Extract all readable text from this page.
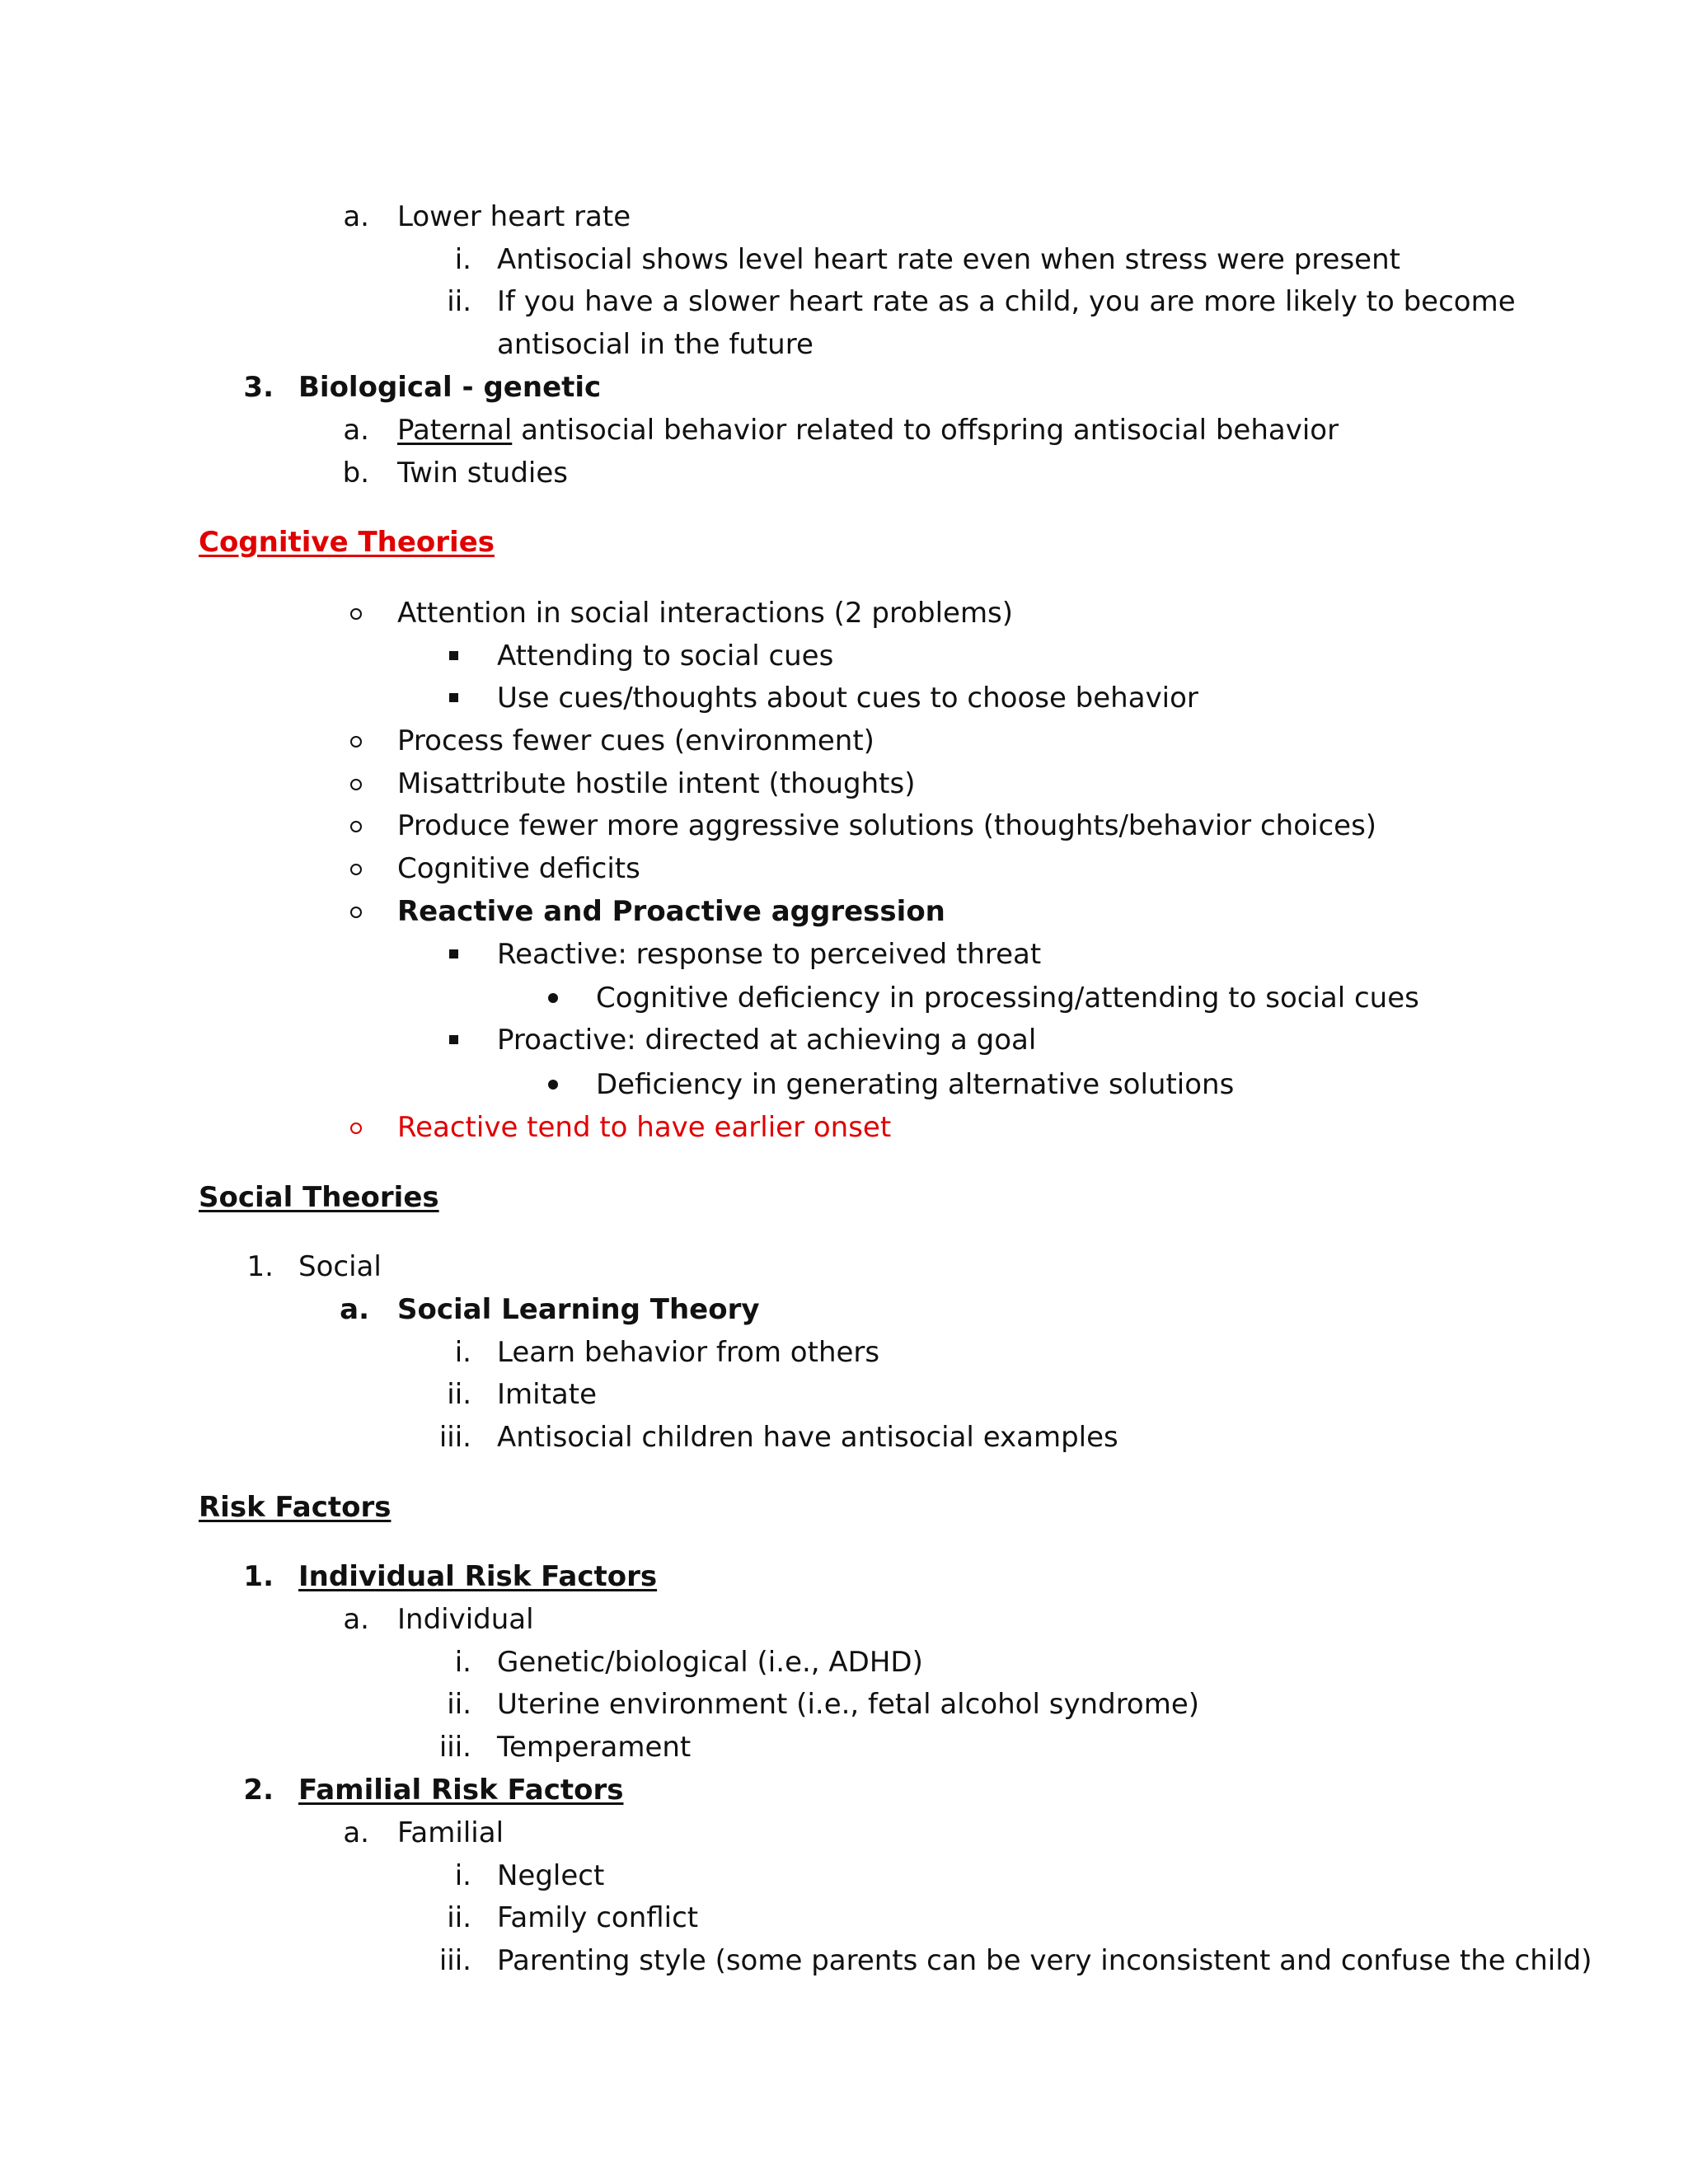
a. Lower heart rate
i. Antisocial shows level heart rate even when stress were present
ii. If you have a slower heart rate as a child, you are more likely to become
antisocial in the future
3. Biological - genetic
a. Paternal antisocial behavior related to offspring antisocial behavior
b. Twin studies
Cognitive Theories
Attention in social interactions (2 problems)
Attending to social cues
Use cues/thoughts about cues to choose behavior
Process fewer cues (environment)
Misattribute hostile intent (thoughts)
Produce fewer more aggressive solutions (thoughts/behavior choices)
Cognitive deficits
Reactive and Proactive aggression
Reactive: response to perceived threat
Cognitive deficiency in processing/attending to social cues
Proactive: directed at achieving a goal
Deficiency in generating alternative solutions
Reactive tend to have earlier onset
Social Theories
1. Social
a. Social Learning Theory
i. Learn behavior from others
ii. Imitate
iii. Antisocial children have antisocial examples
Risk Factors
1. Individual Risk Factors
a. Individual
i. Genetic/biological (i.e., ADHD)
ii. Uterine environment (i.e., fetal alcohol syndrome)
iii. Temperament
2. Familial Risk Factors
a. Familial
i. Neglect
ii. Family conflict
iii. Parenting style (some parents can be very inconsistent and confuse the child)
